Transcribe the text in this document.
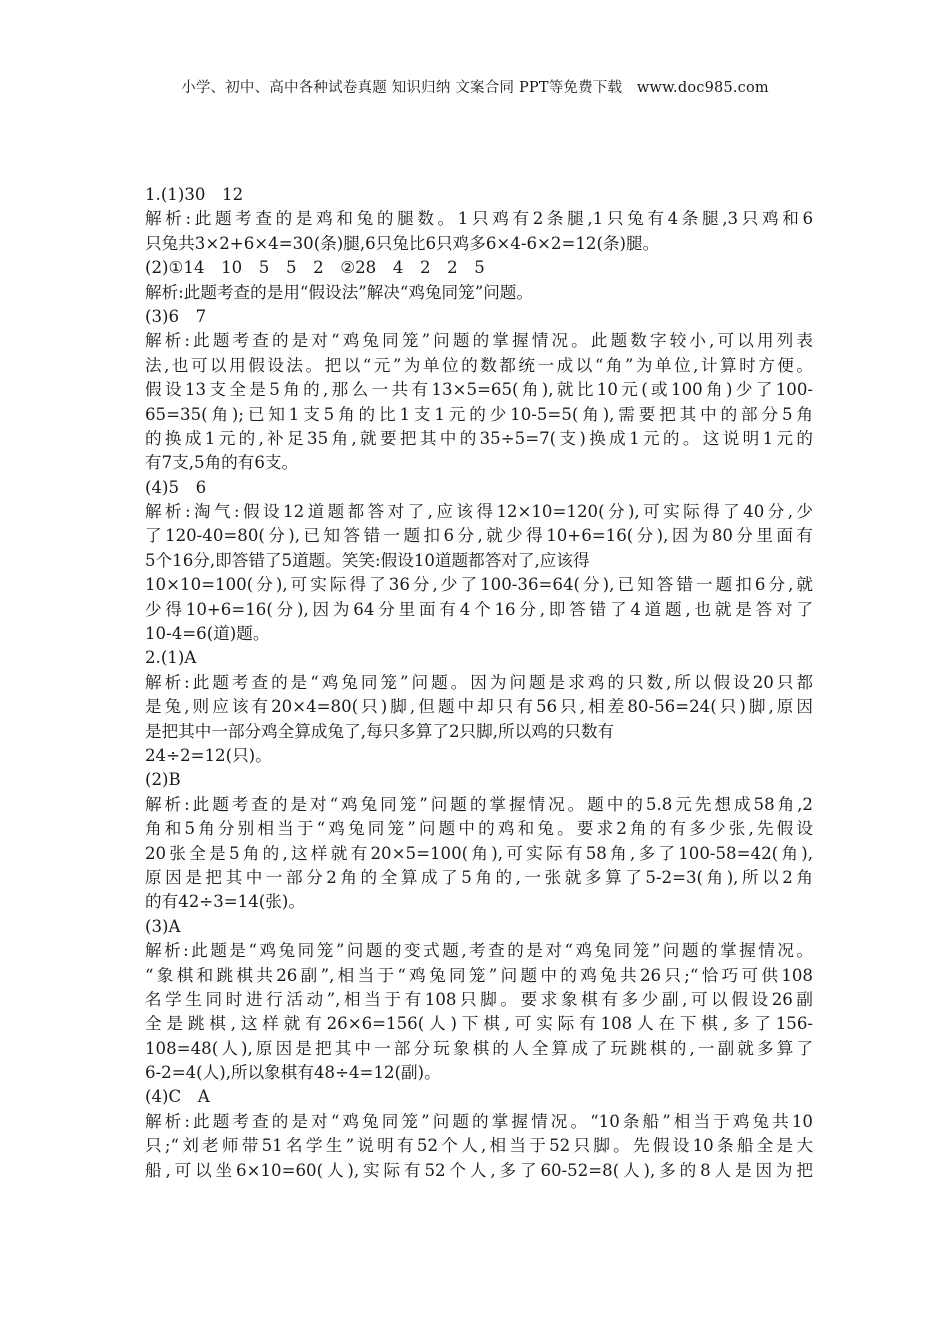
小学、初中、高中各种试卷真题 知识归纳 文案合同 PPT等免费下载　www.doc985.com
1.(1)30　12
解析:此题考查的是鸡和兔的腿数。1只鸡有2条腿,1只兔有4条腿,3只鸡和6
只兔共3×2+6×4=30(条)腿,6只兔比6只鸡多6×4-6×2=12(条)腿。
(2)①14　10　5　5　2　②28　4　2　2　5
解析:此题考查的是用“假设法”解决“鸡兔同笼”问题。
(3)6　7
解析:此题考查的是对“鸡兔同笼”问题的掌握情况。此题数字较小,可以用列表
法,也可以用假设法。把以“元”为单位的数都统一成以“角”为单位,计算时方便。
假设13支全是5角的,那么一共有13×5=65(角),就比10元(或100角)少了100-
65=35(角);已知1支5角的比1支1元的少10-5=5(角),需要把其中的部分5角
的换成1元的,补足35角,就要把其中的35÷5=7(支)换成1元的。这说明1元的
有7支,5角的有6支。
(4)5　6
解析:淘气:假设12道题都答对了,应该得12×10=120(分),可实际得了40分,少
了120-40=80(分),已知答错一题扣6分,就少得10+6=16(分),因为80分里面有
5个16分,即答错了5道题。笑笑:假设10道题都答对了,应该得
10×10=100(分),可实际得了36分,少了100-36=64(分),已知答错一题扣6分,就
少得10+6=16(分),因为64分里面有4个16分,即答错了4道题,也就是答对了
10-4=6(道)题。
2.(1)A
解析:此题考查的是“鸡兔同笼”问题。因为问题是求鸡的只数,所以假设20只都
是兔,则应该有20×4=80(只)脚,但题中却只有56只,相差80-56=24(只)脚,原因
是把其中一部分鸡全算成兔了,每只多算了2只脚,所以鸡的只数有
24÷2=12(只)。
(2)B
解析:此题考查的是对“鸡兔同笼”问题的掌握情况。题中的5.8元先想成58角,2
角和5角分别相当于“鸡兔同笼”问题中的鸡和兔。要求2角的有多少张,先假设
20张全是5角的,这样就有20×5=100(角),可实际有58角,多了100-58=42(角),
原因是把其中一部分2角的全算成了5角的,一张就多算了5-2=3(角),所以2角
的有42÷3=14(张)。
(3)A
解析:此题是“鸡兔同笼”问题的变式题,考查的是对“鸡兔同笼”问题的掌握情况。
“象棋和跳棋共26副”,相当于“鸡兔同笼”问题中的鸡兔共26只;“恰巧可供108
名学生同时进行活动”,相当于有108只脚。要求象棋有多少副,可以假设26副
全是跳棋,这样就有26×6=156(人)下棋,可实际有108人在下棋,多了156-
108=48(人),原因是把其中一部分玩象棋的人全算成了玩跳棋的,一副就多算了
6-2=4(人),所以象棋有48÷4=12(副)。
(4)C　A
解析:此题考查的是对“鸡兔同笼”问题的掌握情况。“10条船”相当于鸡兔共10
只;“刘老师带51名学生”说明有52个人,相当于52只脚。先假设10条船全是大
船,可以坐6×10=60(人),实际有52个人,多了60-52=8(人),多的8人是因为把
